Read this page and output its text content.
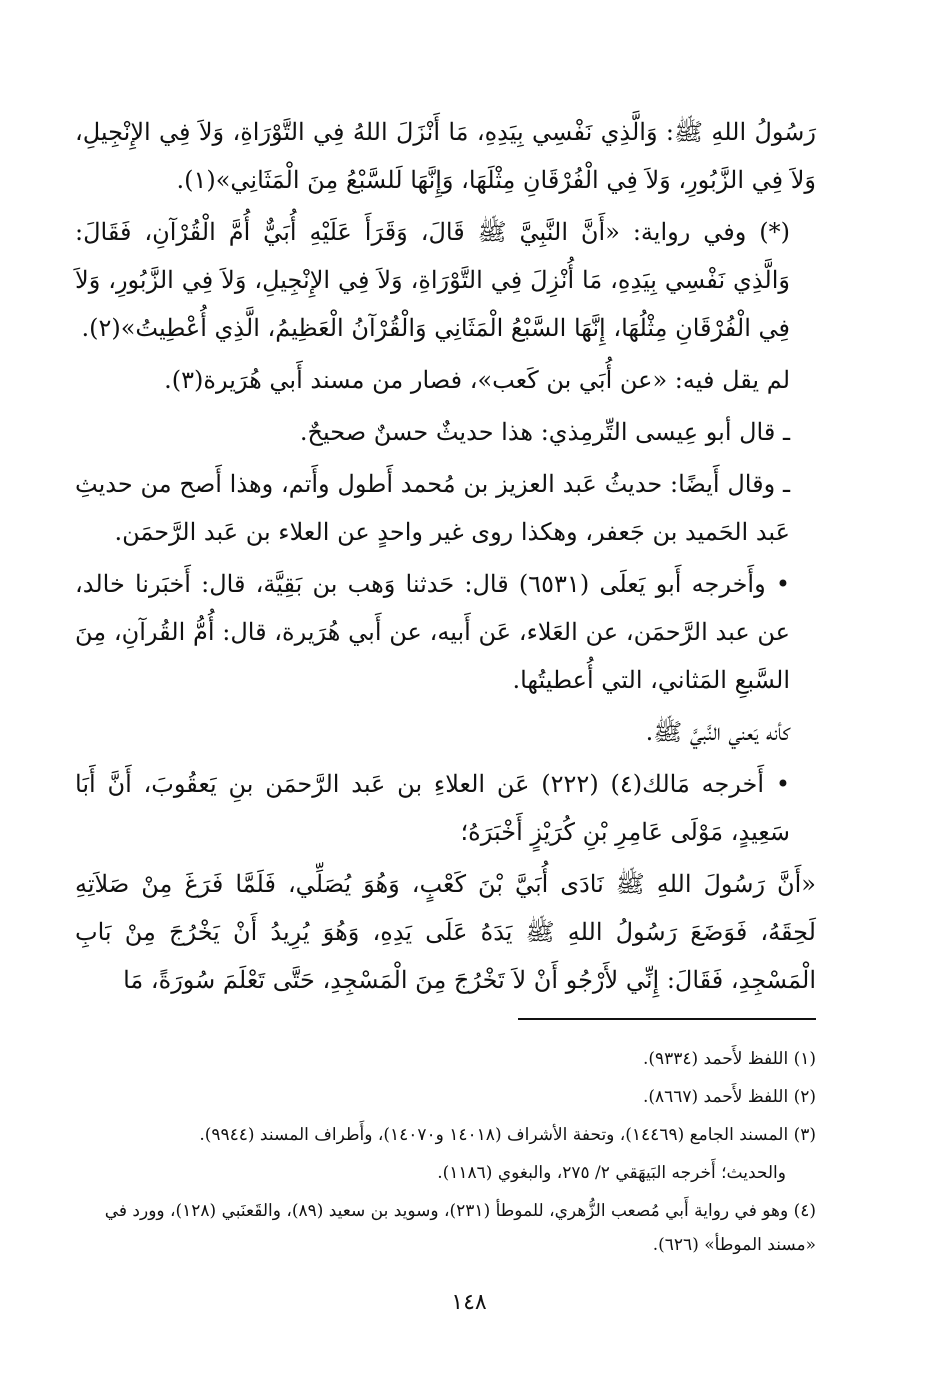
رَسُولُ اللهِ ﷺ: وَالَّذِي نَفْسِي بِيَدِهِ، مَا أَنْزَلَ اللهُ فِي التَّوْرَاةِ، وَلاَ فِي الإِنْجِيلِ، وَلاَ فِي الزَّبُورِ، وَلاَ فِي الْفُرْقَانِ مِثْلَهَا، وَإِنَّهَا لَلسَّبْعُ مِنَ الْمَثَانِي»(١).

(*) وفي رواية: «أَنَّ النَّبِيَّ ﷺ قَالَ، وَقَرَأَ عَلَيْهِ أُبَيٌّ أُمَّ الْقُرْآنِ، فَقَالَ: وَالَّذِي نَفْسِي بِيَدِهِ، مَا أُنْزِلَ فِي التَّوْرَاةِ، وَلاَ فِي الإِنْجِيلِ، وَلاَ فِي الزَّبُورِ، وَلاَ فِي الْفُرْقَانِ مِثْلُهَا، إِنَّهَا السَّبْعُ الْمَثَانِي وَالْقُرْآنُ الْعَظِيمُ، الَّذِي أُعْطِيتُ»(٢).

لم يقل فيه: «عن أُبَي بن كَعب»، فصار من مسند أَبي هُرَيرة(٣).

ـ قال أبو عِيسى التِّرمِذي: هذا حديثٌ حسنٌ صحيحٌ.

ـ وقال أَيضًا: حديثُ عَبد العزيز بن مُحمد أَطول وأَتم، وهذا أَصح من حديثِ عَبد الحَميد بن جَعفر، وهكذا روى غير واحدٍ عن العلاء بن عَبد الرَّحمَن.

• وأَخرجه أَبو يَعلَى (٦٥٣١) قال: حَدثنا وَهب بن بَقِيَّة، قال: أَخبَرنا خالد، عن عبد الرَّحمَن، عن العَلاء، عَن أَبيه، عن أَبي هُرَيرة، قال: أُمُّ القُرآنِ، مِنَ السَّبعِ المَثاني، التي أُعطيتُها.

كأنه يَعني النَّبيَّ ﷺ.

• أَخرجه مَالك(٤) (٢٢٢) عَن العلاءِ بن عَبد الرَّحمَن بنِ يَعقُوبَ، أَنَّ أَبَا سَعِيدٍ، مَوْلَى عَامِرِ بْنِ كُرَيْزٍ أَخْبَرَهُ؛

«أَنَّ رَسُولَ اللهِ ﷺ نَادَى أُبَيَّ بْنَ كَعْبٍ، وَهُوَ يُصَلِّي، فَلَمَّا فَرَغَ مِنْ صَلاَتِهِ لَحِقَهُ، فَوَضَعَ رَسُولُ اللهِ ﷺ يَدَهُ عَلَى يَدِهِ، وَهُوَ يُرِيدُ أَنْ يَخْرُجَ مِنْ بَابِ الْمَسْجِدِ، فَقَالَ: إِنِّي لأَرْجُو أَنْ لاَ تَخْرُجَ مِنَ الْمَسْجِدِ، حَتَّى تَعْلَمَ سُورَةً، مَا

(١) اللفظ لأَحمد (٩٣٣٤).

(٢) اللفظ لأَحمد (٨٦٦٧).

(٣) المسند الجامع (١٤٤٦٩)، وتحفة الأشراف (١٤٠١٨ و١٤٠٧٠)، وأَطراف المسند (٩٩٤٤).

والحديث؛ أَخرجه البَيهَقي ٢/ ٢٧٥، والبغوي (١١٨٦).

(٤) وهو في رواية أَبي مُصعب الزُّهري، للموطأ (٢٣١)، وسويد بن سعيد (٨٩)، والقَعنَبي (١٢٨)، وورد في «مسند الموطأ» (٦٢٦).

١٤٨
